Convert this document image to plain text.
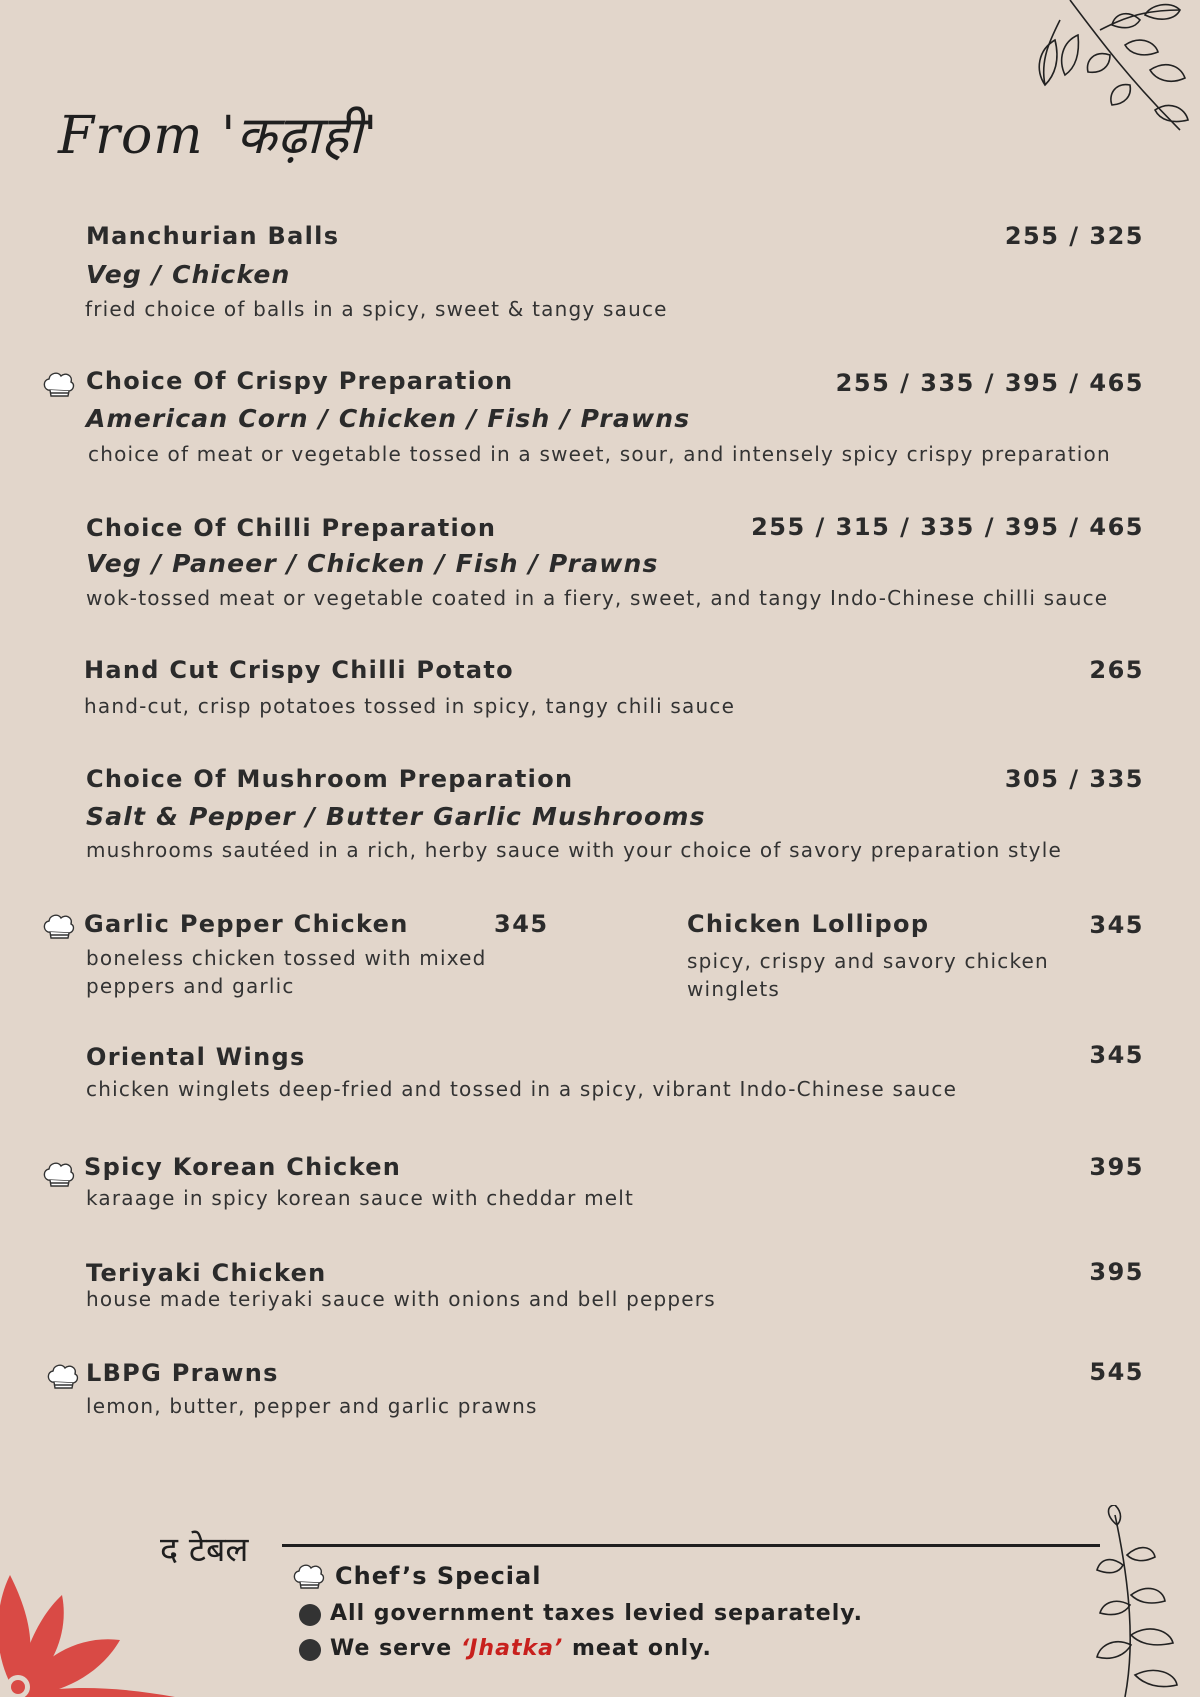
From 'कढ़ाही'
Manchurian Balls	255 / 325
Veg / Chicken
fried choice of balls in a spicy, sweet & tangy sauce
Choice Of Crispy Preparation	255 / 335 / 395 / 465
American Corn / Chicken / Fish / Prawns
choice of meat or vegetable tossed in a sweet, sour, and intensely spicy crispy preparation
Choice Of Chilli Preparation	255 / 315 / 335 / 395 / 465
Veg / Paneer / Chicken / Fish / Prawns
wok-tossed meat or vegetable coated in a fiery, sweet, and tangy Indo-Chinese chilli sauce
Hand Cut Crispy Chilli Potato	265
hand-cut, crisp potatoes tossed in spicy, tangy chili sauce
Choice Of Mushroom Preparation	305 / 335
Salt & Pepper / Butter Garlic Mushrooms
mushrooms sautéed in a rich, herby sauce with your choice of savory preparation style
Garlic Pepper Chicken	345
boneless chicken tossed with mixed peppers and garlic
Chicken Lollipop	345
spicy, crispy and savory chicken winglets
Oriental Wings	345
chicken winglets deep-fried and tossed in a spicy, vibrant Indo-Chinese sauce
Spicy Korean Chicken	395
karaage in spicy korean sauce with cheddar melt
Teriyaki Chicken	395
house made teriyaki sauce with onions and bell peppers
LBPG Prawns	545
lemon, butter, pepper and garlic prawns
द टेबल
Chef’s Special
All government taxes levied separately.
We serve ‘Jhatka’ meat only.
